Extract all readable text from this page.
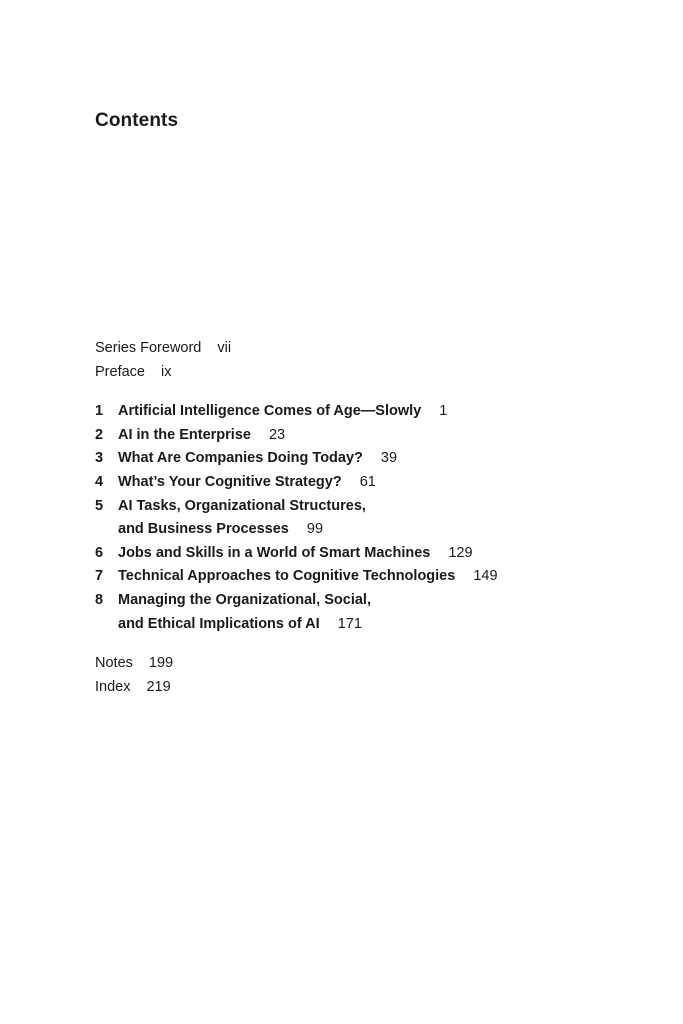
Contents
Series Foreword vii
Preface ix
1	Artificial Intelligence Comes of Age—Slowly 1
2	AI in the Enterprise 23
3	What Are Companies Doing Today? 39
4	What’s Your Cognitive Strategy? 61
5	AI Tasks, Organizational Structures,
and Business Processes 99
6	Jobs and Skills in a World of Smart Machines 129
7	Technical Approaches to Cognitive Technologies 149
8	Managing the Organizational, Social,
and Ethical Implications of AI 171
Notes 199
Index 219
